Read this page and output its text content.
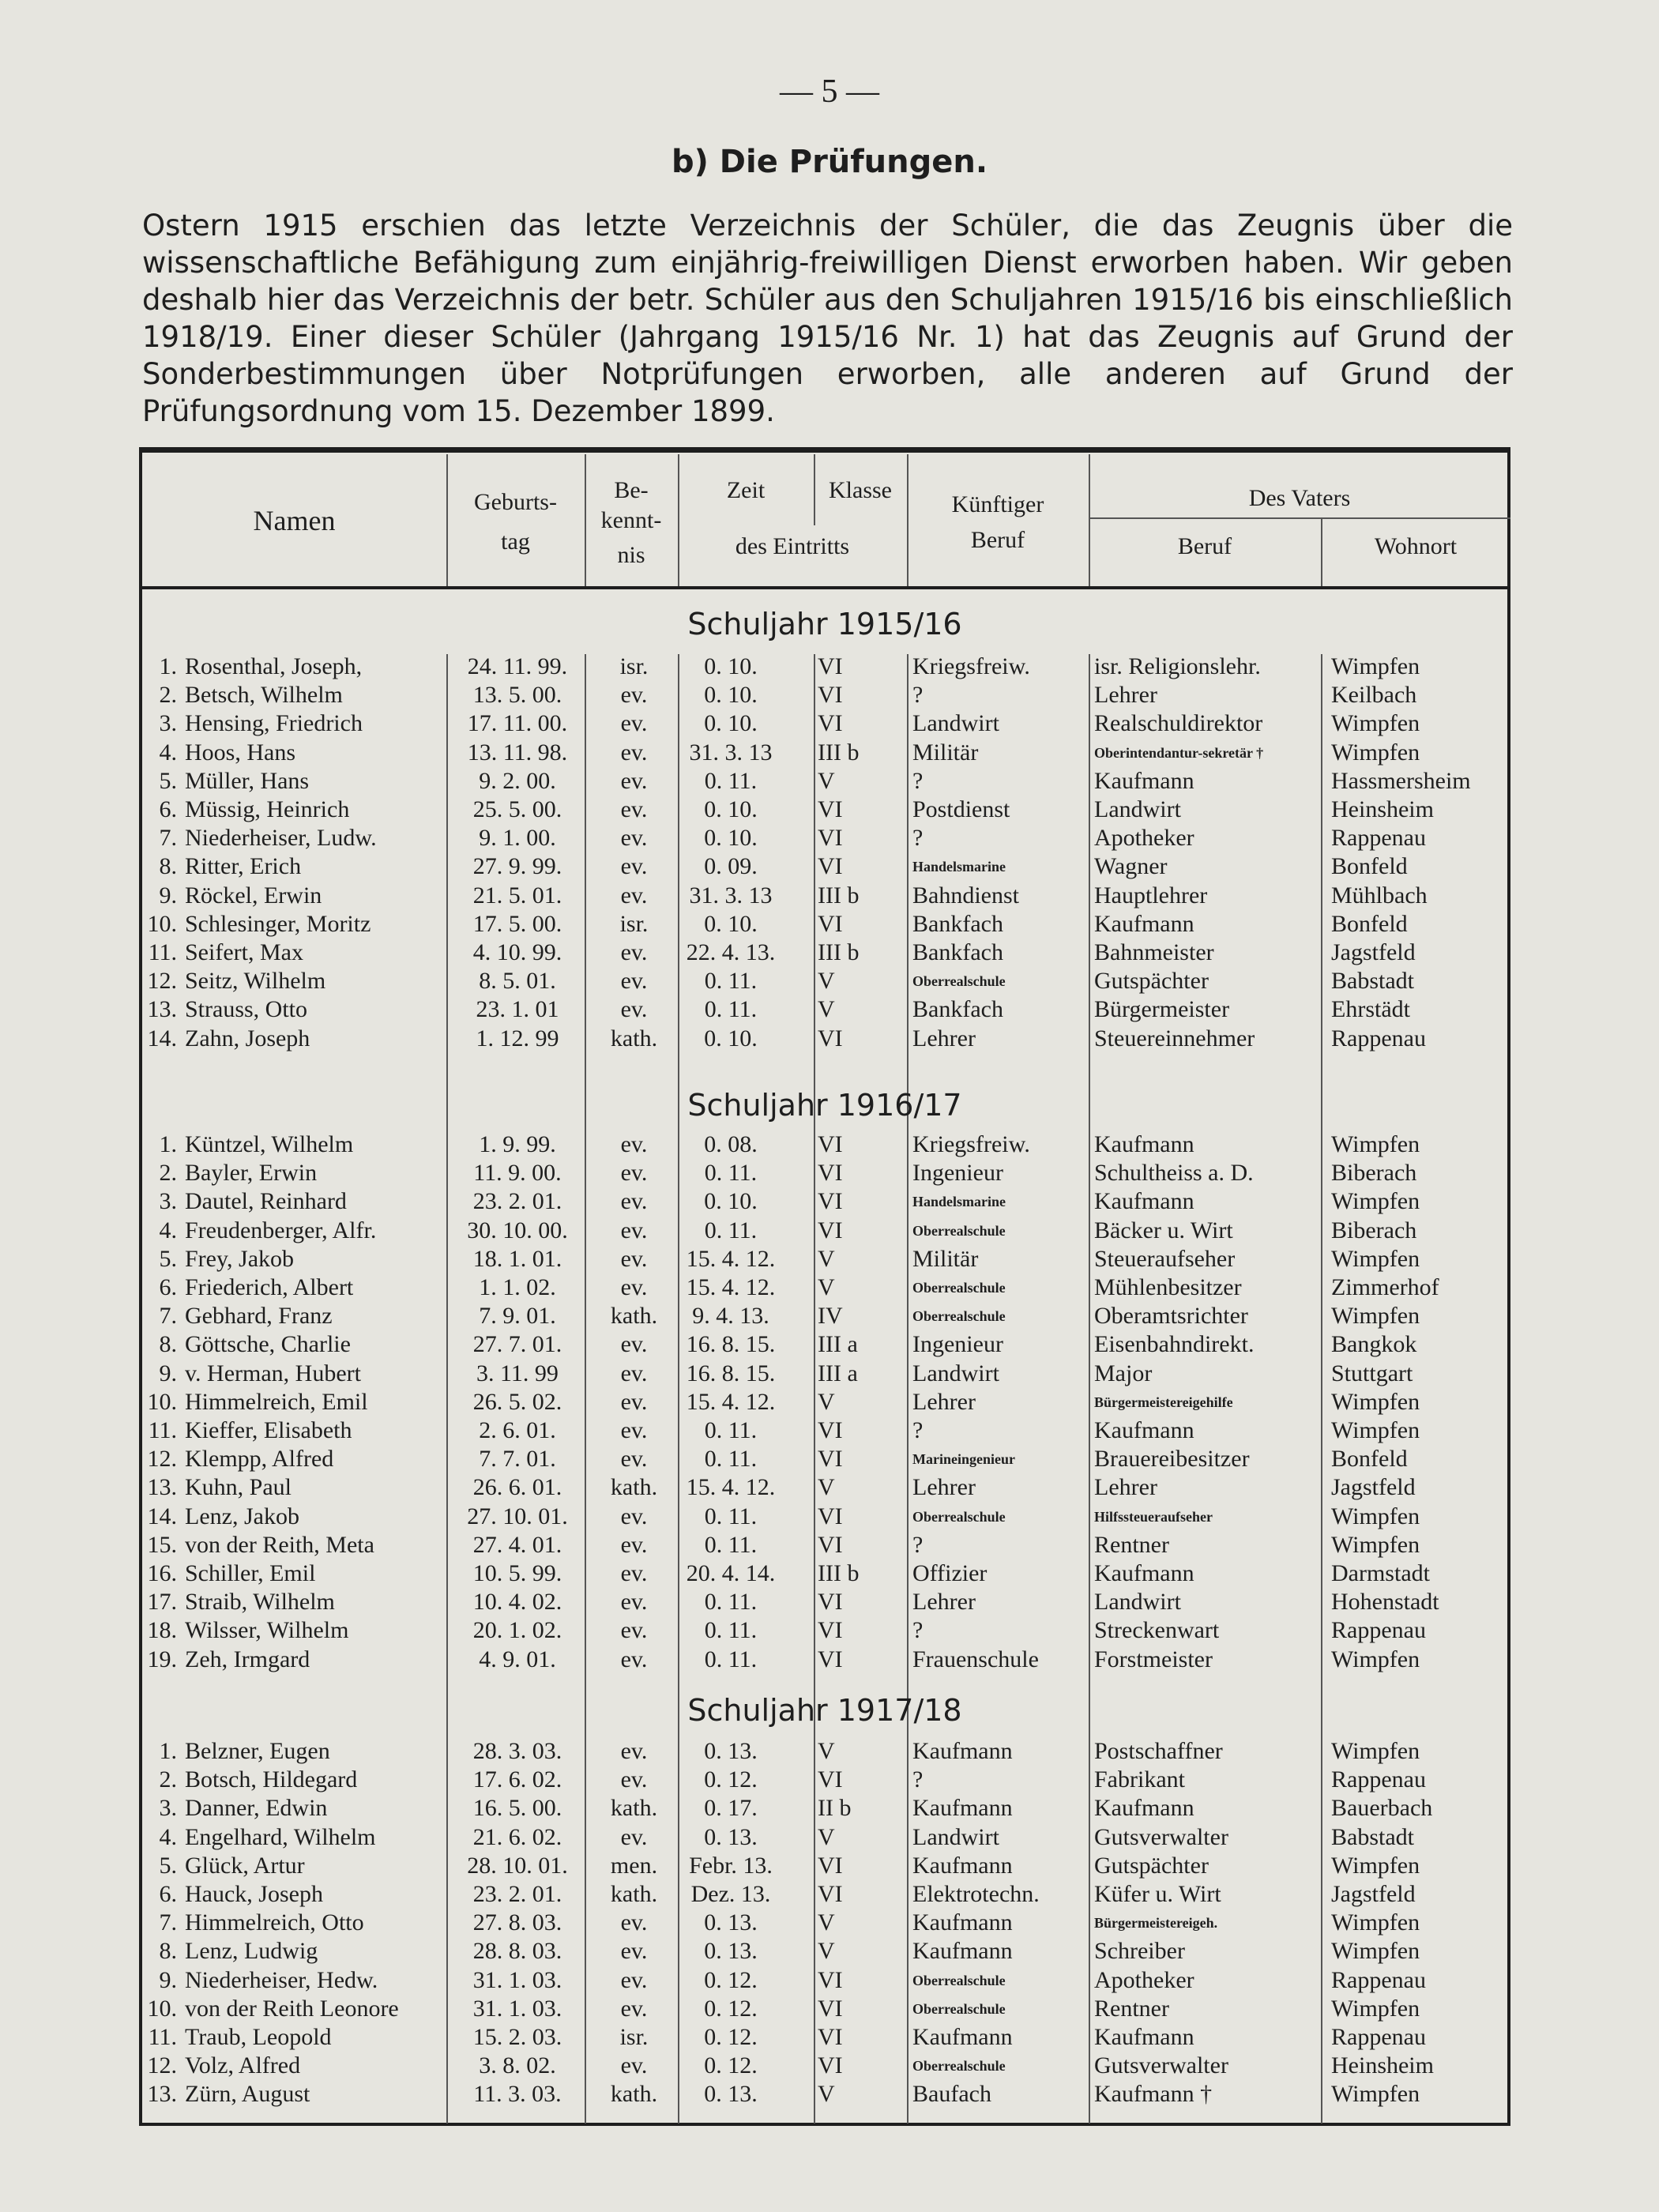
— 5 —
b) Die Prüfungen.

Ostern 1915 erschien das letzte Verzeichnis der Schüler, die das Zeugnis über die wissenschaftliche Befähigung zum einjährig-freiwilligen Dienst erworben haben. Wir geben deshalb hier das Verzeichnis der betr. Schüler aus den Schuljahren 1915/16 bis einschließlich 1918/19. Einer dieser Schüler (Jahrgang 1915/16 Nr. 1) hat das Zeugnis auf Grund der Sonderbestimmungen über Notprüfungen erworben, alle anderen auf Grund der Prüfungsordnung vom 15. Dezember 1899.

Namen
Geburts-
tag
Be-
kennt-
nis
Zeit	Klasse
des Eintritts
Künftiger
Beruf
Des Vaters
Beruf	Wohnort
Schuljahr 1915/16
1. Rosenthal, Joseph,	24. 11. 99.	isr.	0. 10.	VI	Kriegsfreiw.	isr. Religionslehr.	Wimpfen
2. Betsch, Wilhelm	13. 5. 00.	ev.	0. 10.	VI	?	Lehrer	Keilbach
3. Hensing, Friedrich	17. 11. 00.	ev.	0. 10.	VI	Landwirt	Realschuldirektor	Wimpfen
4. Hoos, Hans	13. 11. 98.	ev.	31. 3. 13	III b	Militär	Oberintendantur-sekretär †	Wimpfen
5. Müller, Hans	9. 2. 00.	ev.	0. 11.	V	?	Kaufmann	Hassmersheim
6. Müssig, Heinrich	25. 5. 00.	ev.	0. 10.	VI	Postdienst	Landwirt	Heinsheim
7. Niederheiser, Ludw.	9. 1. 00.	ev.	0. 10.	VI	?	Apotheker	Rappenau
8. Ritter, Erich	27. 9. 99.	ev.	0. 09.	VI	Handelsmarine	Wagner	Bonfeld
9. Röckel, Erwin	21. 5. 01.	ev.	31. 3. 13	III b	Bahndienst	Hauptlehrer	Mühlbach
10. Schlesinger, Moritz	17. 5. 00.	isr.	0. 10.	VI	Bankfach	Kaufmann	Bonfeld
11. Seifert, Max	4. 10. 99.	ev.	22. 4. 13. III b	Bankfach	Bahnmeister	Jagstfeld
12. Seitz, Wilhelm	8. 5. 01.	ev.	0. 11.	V	Oberrealschule	Gutspächter	Babstadt
13. Strauss, Otto	23. 1. 01	ev.	0. 11.	V	Bankfach	Bürgermeister	Ehrstädt
14. Zahn, Joseph	1. 12. 99	kath.	0. 10.	VI	Lehrer	Steuereinnehmer	Rappenau
Schuljahr 1916/17
1. Küntzel, Wilhelm	1. 9. 99.	ev.	0. 08.	VI	Kriegsfreiw.	Kaufmann	Wimpfen
2. Bayler, Erwin	11. 9. 00.	ev.	0. 11.	VI	Ingenieur	Schultheiss a. D.	Biberach
3. Dautel, Reinhard	23. 2. 01.	ev.	0. 10.	VI	Handelsmarine	Kaufmann	Wimpfen
4. Freudenberger, Alfr.	30. 10. 00.	ev.	0. 11.	VI	Oberrealschule	Bäcker u. Wirt	Biberach
5. Frey, Jakob	18. 1. 01.	ev.	15. 4. 12. V	Militär	Steueraufseher	Wimpfen
6. Friederich, Albert	1. 1. 02.	ev.	15. 4. 12. V	Oberrealschule	Mühlenbesitzer	Zimmerhof
7. Gebhard, Franz	7. 9. 01.	kath.	9. 4. 13.	IV	Oberrealschule	Oberamtsrichter	Wimpfen
8. Göttsche, Charlie	27. 7. 01.	ev.	16. 8. 15. III a	Ingenieur	Eisenbahndirekt.	Bangkok
9. v. Herman, Hubert	3. 11. 99	ev.	16. 8. 15. III a	Landwirt	Major	Stuttgart
10. Himmelreich, Emil	26. 5. 02.	ev.	15. 4. 12. V	Lehrer	Bürgermeistereigehilfe	Wimpfen
11. Kieffer, Elisabeth	2. 6. 01.	ev.	0. 11.	VI	?	Kaufmann	Wimpfen
12. Klempp, Alfred	7. 7. 01.	ev.	0. 11.	VI	Marineingenieur	Brauereibesitzer	Bonfeld
13. Kuhn, Paul	26. 6. 01.	kath.	15. 4. 12. V	Lehrer	Lehrer	Jagstfeld
14. Lenz, Jakob	27. 10. 01.	ev.	0. 11.	VI	Oberrealschule	Hilfssteueraufseher	Wimpfen
15. von der Reith, Meta	27. 4. 01.	ev.	0. 11.	VI	?	Rentner	Wimpfen
16. Schiller, Emil	10. 5. 99.	ev.	20. 4. 14. III b	Offizier	Kaufmann	Darmstadt
17. Straib, Wilhelm	10. 4. 02.	ev.	0. 11.	VI	Lehrer	Landwirt	Hohenstadt
18. Wilsser, Wilhelm	20. 1. 02.	ev.	0. 11.	VI	?	Streckenwart	Rappenau
19. Zeh, Irmgard	4. 9. 01.	ev.	0. 11.	VI	Frauenschule	Forstmeister	Wimpfen
Schuljahr 1917/18
1. Belzner, Eugen	28. 3. 03.	ev.	0. 13.	V	Kaufmann	Postschaffner	Wimpfen
2. Botsch, Hildegard	17. 6. 02.	ev.	0. 12.	VI	?	Fabrikant	Rappenau
3. Danner, Edwin	16. 5. 00.	kath.	0. 17.	II b	Kaufmann	Kaufmann	Bauerbach
4. Engelhard, Wilhelm	21. 6. 02.	ev.	0. 13.	V	Landwirt	Gutsverwalter	Babstadt
5. Glück, Artur	28. 10. 01.	men.	Febr. 13.	VI	Kaufmann	Gutspächter	Wimpfen
6. Hauck, Joseph	23. 2. 01.	kath.	Dez. 13.	VI	Elektrotechn.	Küfer u. Wirt	Jagstfeld
7. Himmelreich, Otto	27. 8. 03.	ev.	0. 13.	V	Kaufmann	Bürgermeistereigeh.	Wimpfen
8. Lenz, Ludwig	28. 8. 03.	ev.	0. 13.	V	Kaufmann	Schreiber	Wimpfen
9. Niederheiser, Hedw.	31. 1. 03.	ev.	0. 12.	VI	Oberrealschule	Apotheker	Rappenau
10. von der Reith Leonore	31. 1. 03.	ev.	0. 12.	VI	Oberrealschule	Rentner	Wimpfen
11. Traub, Leopold	15. 2. 03.	isr.	0. 12.	VI	Kaufmann	Kaufmann	Rappenau
12. Volz, Alfred	3. 8. 02.	ev.	0. 12.	VI	Oberrealschule	Gutsverwalter	Heinsheim
13. Zürn, August	11. 3. 03.	kath.	0. 13.	V	Baufach	Kaufmann †	Wimpfen
